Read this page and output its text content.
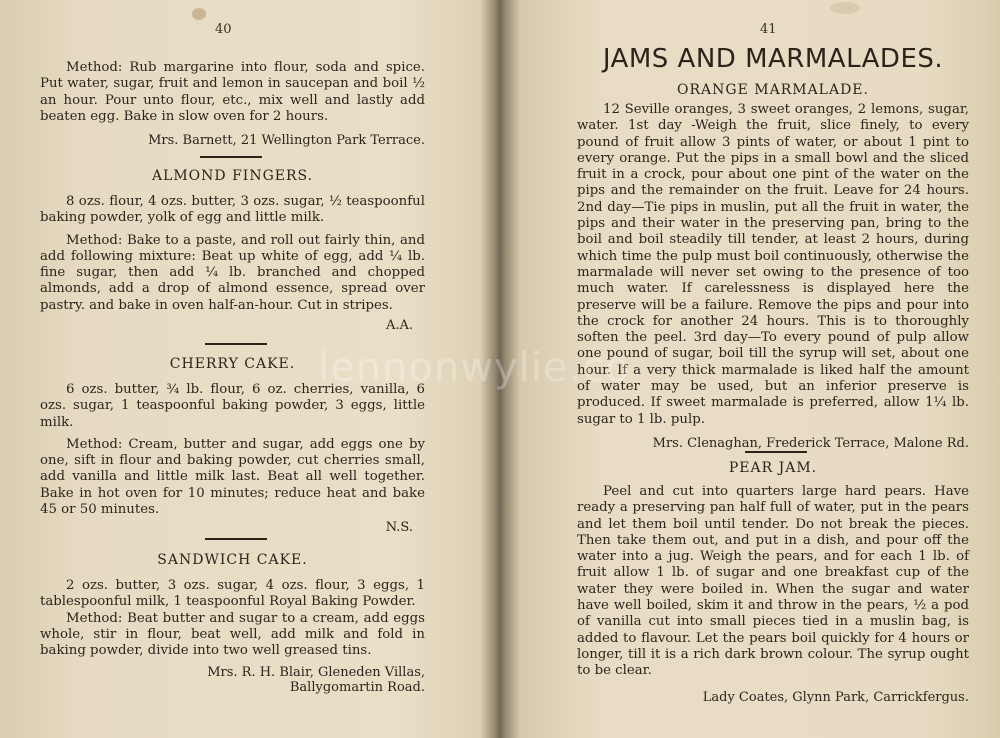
40

Method: Rub margarine into flour, soda and spice. Put water, sugar, fruit and lemon in saucepan and boil ½ an hour. Pour unto flour, etc., mix well and lastly add beaten egg. Bake in slow oven for 2 hours.

Mrs. Barnett, 21 Wellington Park Terrace.

ALMOND FINGERS.

8 ozs. flour, 4 ozs. butter, 3 ozs. sugar, ½ teaspoonful baking powder, yolk of egg and little milk.

Method: Bake to a paste, and roll out fairly thin, and add following mixture: Beat up white of egg, add ¼ lb. fine sugar, then add ¼ lb. branched and chopped almonds, add a drop of almond essence, spread over pastry. and bake in oven half-an-hour. Cut in stripes.

A.A.

CHERRY CAKE.

6 ozs. butter, ¾ lb. flour, 6 oz. cherries, vanilla, 6 ozs. sugar, 1 teaspoonful baking powder, 3 eggs, little milk.

Method: Cream, butter and sugar, add eggs one by one, sift in flour and baking powder, cut cherries small, add vanilla and little milk last. Beat all well together. Bake in hot oven for 10 minutes; reduce heat and bake 45 or 50 minutes.

N.S.

SANDWICH CAKE.

2 ozs. butter, 3 ozs. sugar, 4 ozs. flour, 3 eggs, 1 tablespoonful milk, 1 teaspoonful Royal Baking Powder.

Method: Beat butter and sugar to a cream, add eggs whole, stir in flour, beat well, add milk and fold in baking powder, divide into two well greased tins.

Mrs. R. H. Blair, Gleneden Villas,

Ballygomartin Road.

41

JAMS AND MARMALADES.

ORANGE MARMALADE.

12 Seville oranges, 3 sweet oranges, 2 lemons, sugar, water. 1st day -Weigh the fruit, slice finely, to every pound of fruit allow 3 pints of water, or about 1 pint to every orange. Put the pips in a small bowl and the sliced fruit in a crock, pour about one pint of the water on the pips and the remainder on the fruit. Leave for 24 hours. 2nd day—Tie pips in muslin, put all the fruit in water, the pips and their water in the preserving pan, bring to the boil and boil steadily till tender, at least 2 hours, during which time the pulp must boil continuously, otherwise the marmalade will never set owing to the presence of too much water. If carelessness is displayed here the preserve will be a failure. Remove the pips and pour into the crock for another 24 hours. This is to thoroughly soften the peel. 3rd day—To every pound of pulp allow one pound of sugar, boil till the syrup will set, about one hour. If a very thick marmalade is liked half the amount of water may be used, but an inferior preserve is produced. If sweet marmalade is preferred, allow 1¼ lb. sugar to 1 lb. pulp.

Mrs. Clenaghan, Frederick Terrace, Malone Rd.

PEAR JAM.

Peel and cut into quarters large hard pears. Have ready a preserving pan half full of water, put in the pears and let them boil until tender. Do not break the pieces. Then take them out, and put in a dish, and pour off the water into a jug. Weigh the pears, and for each 1 lb. of fruit allow 1 lb. of sugar and one breakfast cup of the water they were boiled in. When the sugar and water have well boiled, skim it and throw in the pears, ½ a pod of vanilla cut into small pieces tied in a muslin bag, is added to flavour. Let the pears boil quickly for 4 hours or longer, till it is a rich dark brown colour. The syrup ought to be clear.

Lady Coates, Glynn Park, Carrickfergus.

lennonwylie.co
